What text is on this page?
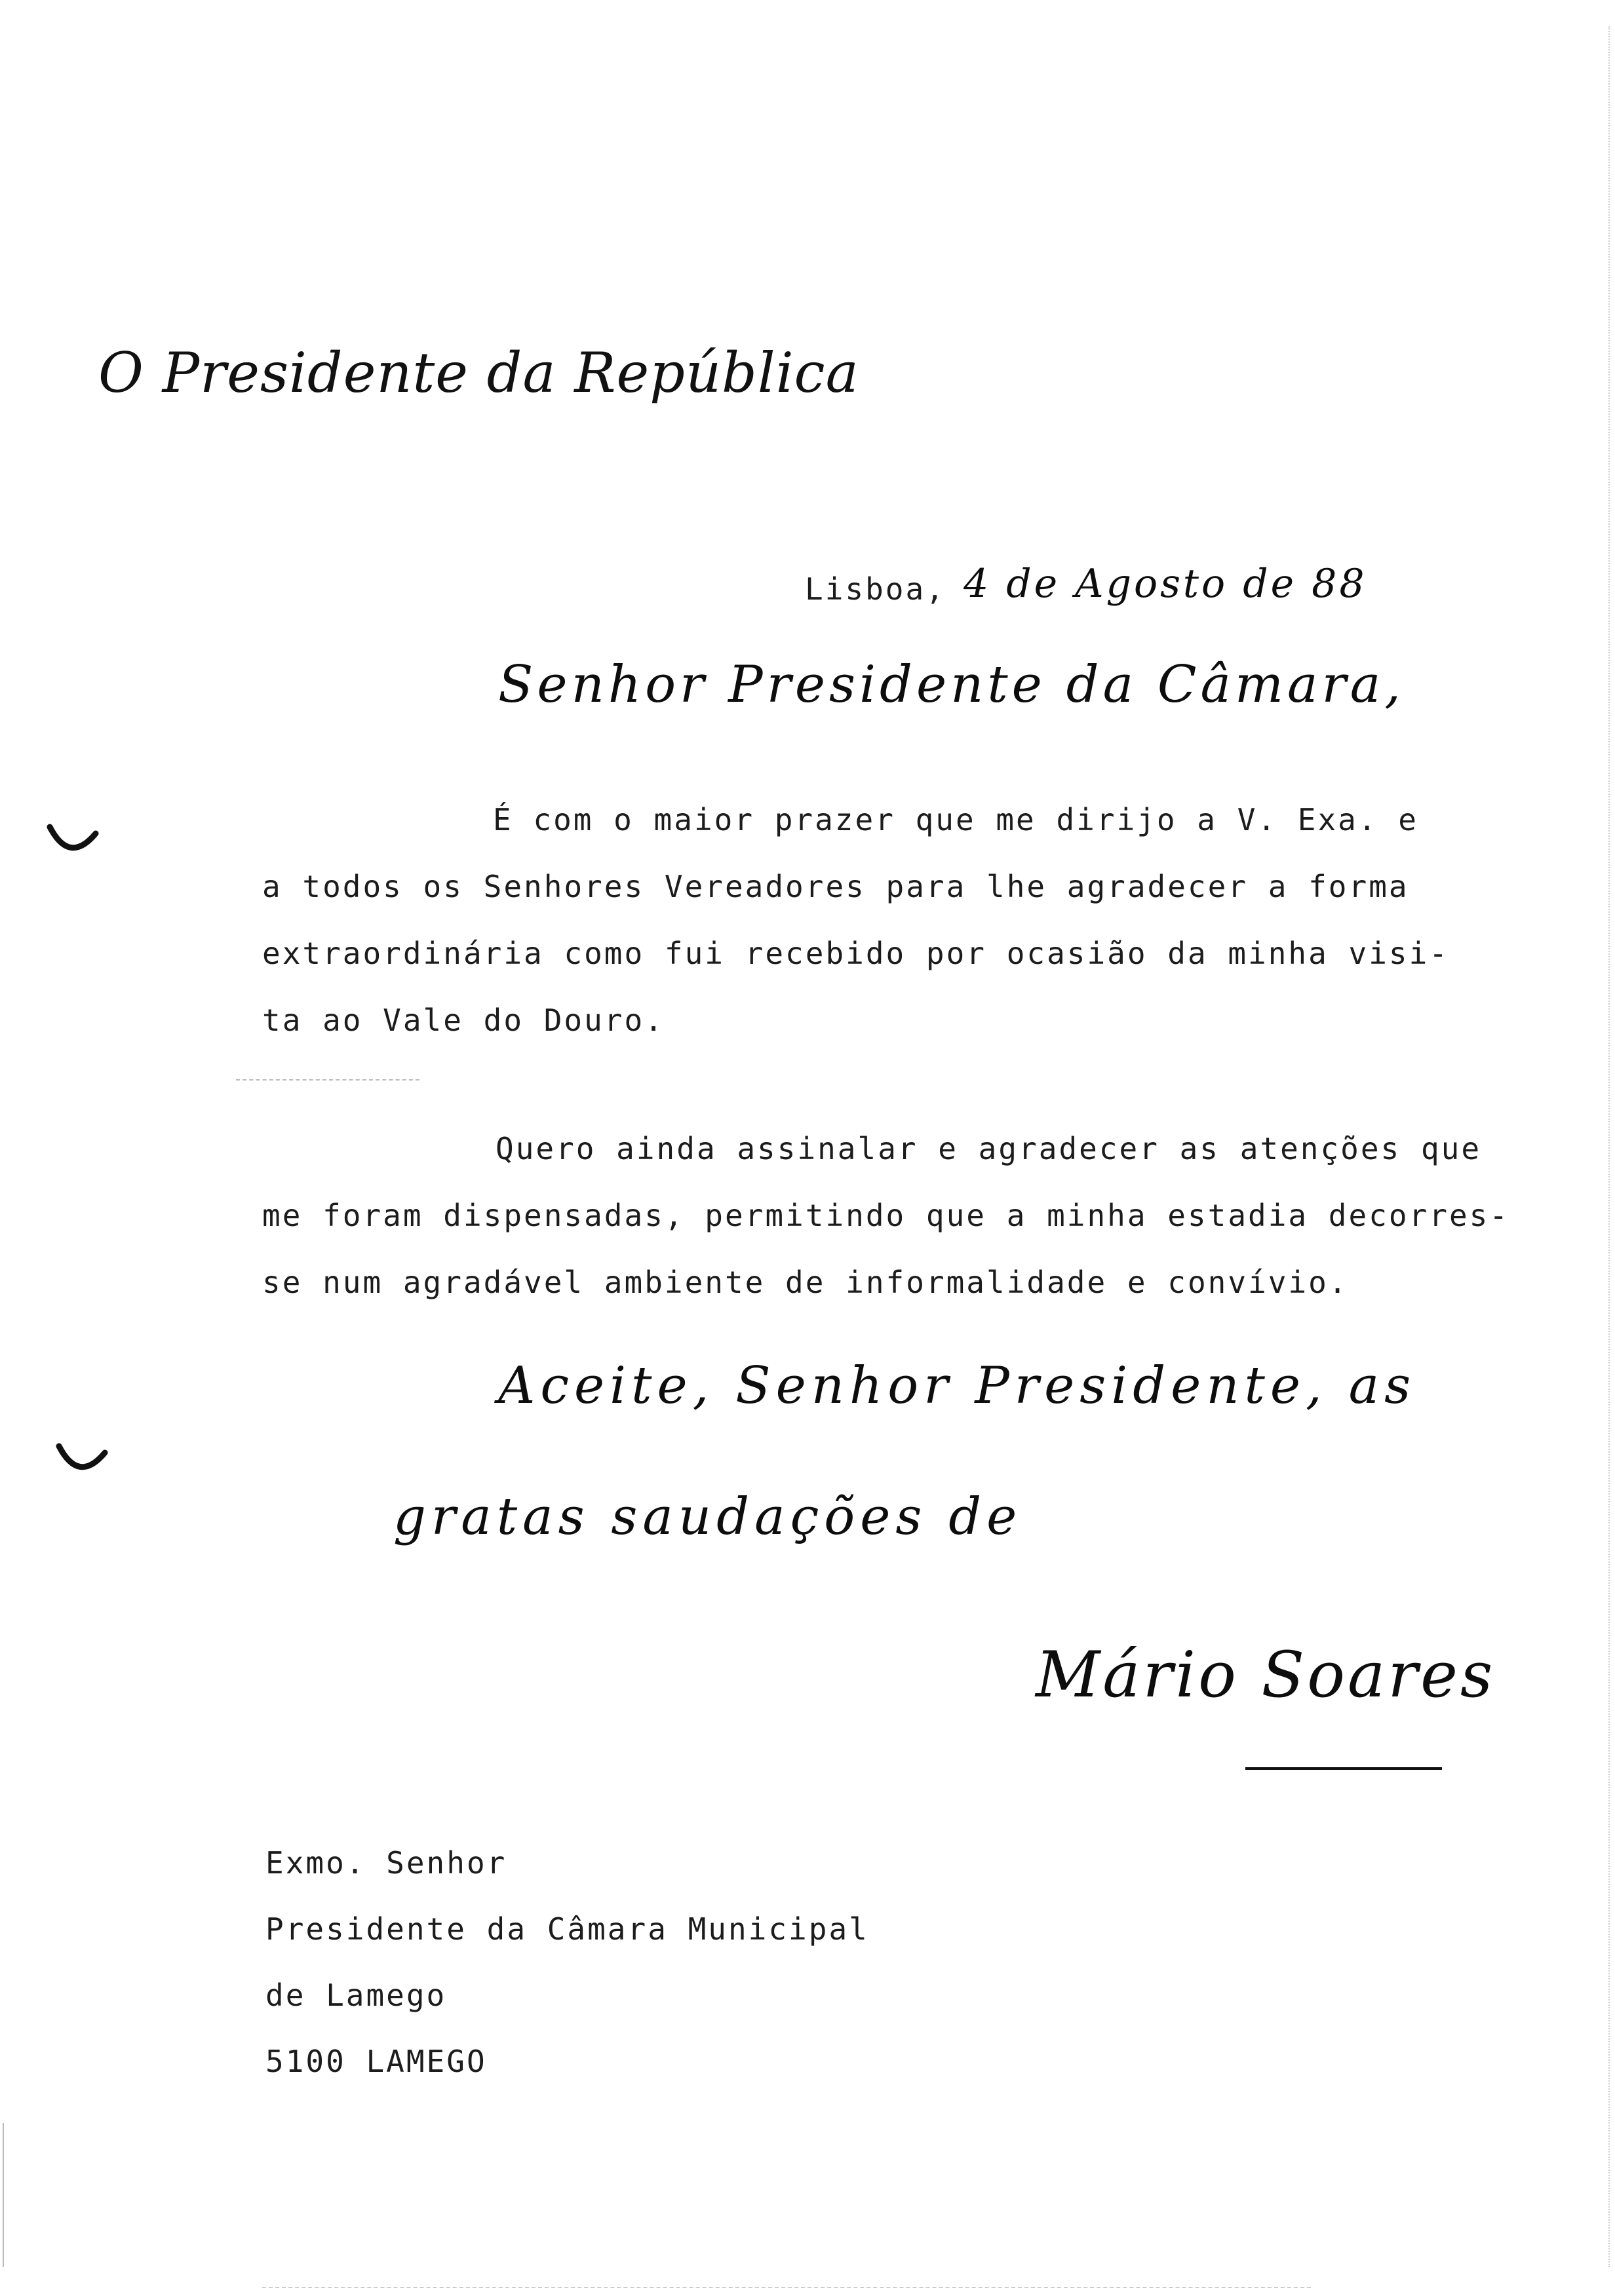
O Presidente da República
Lisboa, 4 de Agosto de 88
Senhor Presidente da Câmara,
É com o maior prazer que me dirijo a V. Exa. e
a todos os Senhores Vereadores para lhe agradecer a forma
extraordinária como fui recebido por ocasião da minha visi-
ta ao Vale do Douro.
Quero ainda assinalar e agradecer as atenções que
me foram dispensadas, permitindo que a minha estadia decorres-
se num agradável ambiente de informalidade e convívio.
Aceite, Senhor Presidente, as
gratas saudações de
Mário Soares
Exmo. Senhor
Presidente da Câmara Municipal
de Lamego
5100 LAMEGO
